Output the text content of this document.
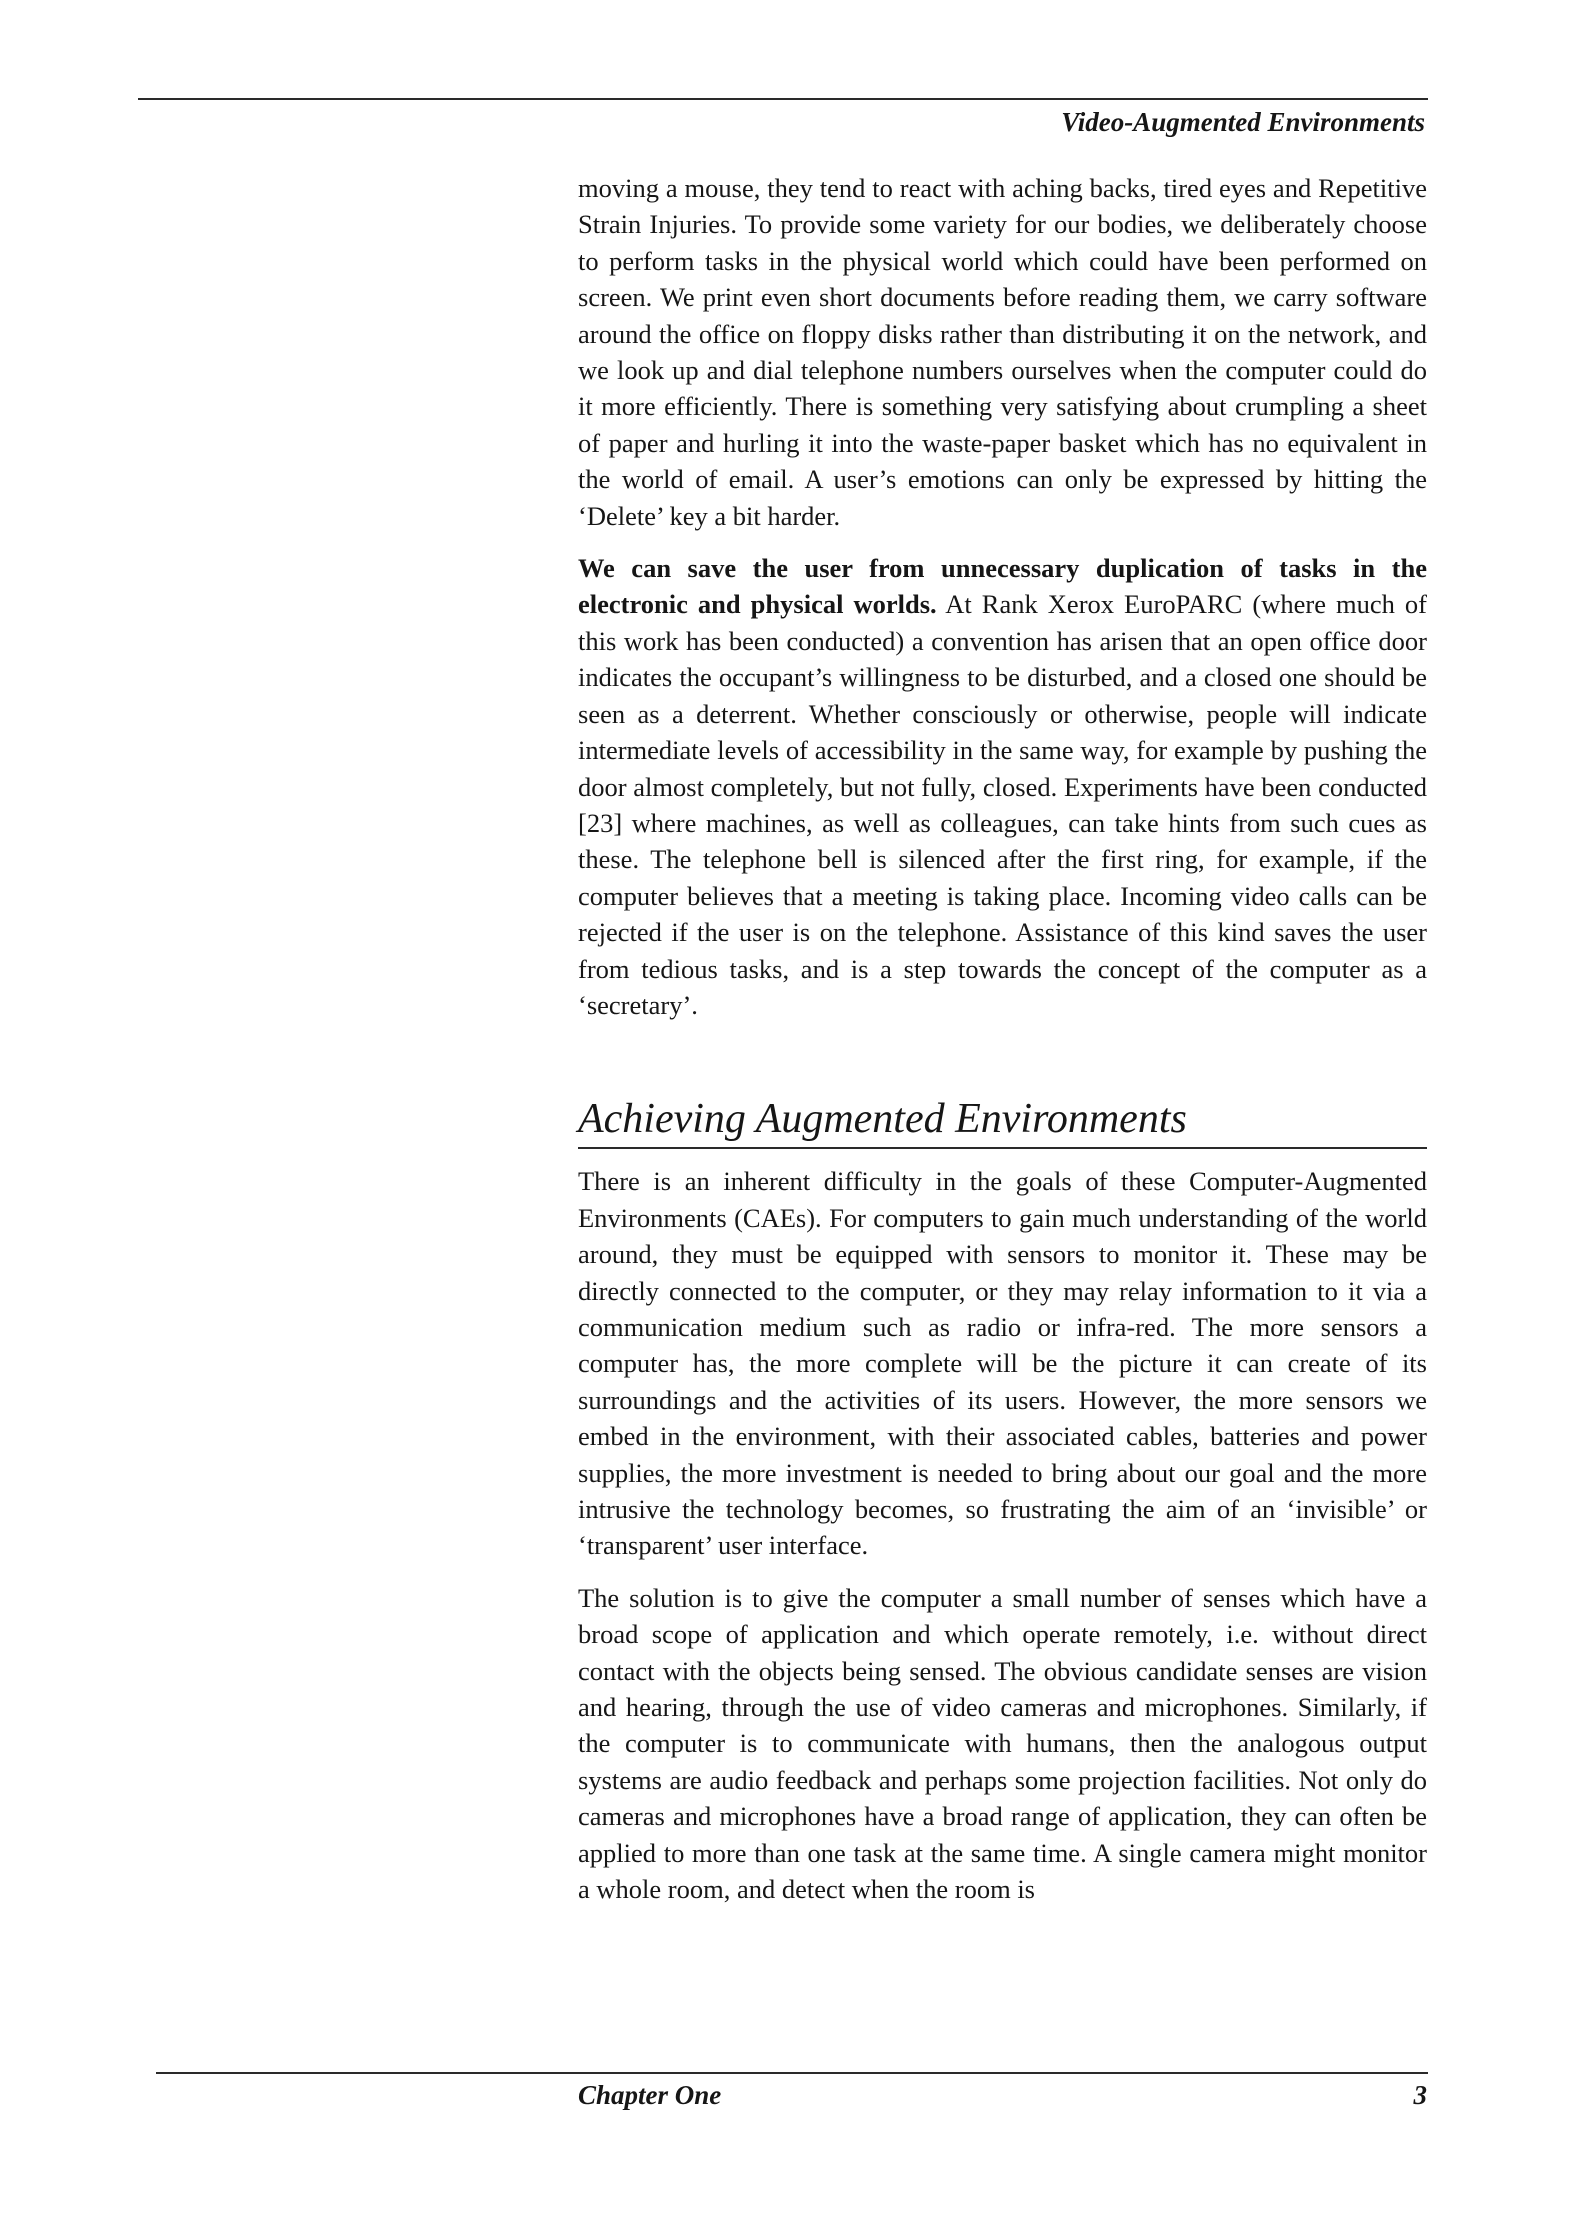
Video-Augmented Environments

moving a mouse, they tend to react with aching backs, tired eyes and Repetitive Strain Injuries. To provide some variety for our bodies, we deliberately choose to perform tasks in the physical world which could have been performed on screen. We print even short documents before reading them, we carry software around the office on floppy disks rather than distributing it on the network, and we look up and dial telephone numbers ourselves when the computer could do it more efficiently. There is something very satisfying about crumpling a sheet of paper and hurling it into the waste-paper basket which has no equivalent in the world of email. A user’s emotions can only be expressed by hitting the ‘Delete’ key a bit harder.

We can save the user from unnecessary duplication of tasks in the electronic and physical worlds. At Rank Xerox EuroPARC (where much of this work has been conducted) a convention has arisen that an open office door indicates the occupant’s willingness to be disturbed, and a closed one should be seen as a deterrent. Whether consciously or otherwise, people will indicate intermediate levels of accessibility in the same way, for example by pushing the door almost completely, but not fully, closed. Experiments have been conducted [23] where machines, as well as colleagues, can take hints from such cues as these. The telephone bell is silenced after the first ring, for example, if the computer believes that a meeting is taking place. Incoming video calls can be rejected if the user is on the telephone. Assistance of this kind saves the user from tedious tasks, and is a step towards the concept of the computer as a ‘secretary’.

Achieving Augmented Environments

There is an inherent difficulty in the goals of these Computer-Augmented Environments (CAEs). For computers to gain much understanding of the world around, they must be equipped with sensors to monitor it. These may be directly connected to the computer, or they may relay information to it via a communication medium such as radio or infra-red. The more sensors a computer has, the more complete will be the picture it can create of its surroundings and the activities of its users. However, the more sensors we embed in the environment, with their associated cables, batteries and power supplies, the more investment is needed to bring about our goal and the more intrusive the technology becomes, so frustrating the aim of an ‘invisible’ or ‘transparent’ user interface.

The solution is to give the computer a small number of senses which have a broad scope of application and which operate remotely, i.e. without direct contact with the objects being sensed. The obvious candidate senses are vision and hearing, through the use of video cameras and microphones. Similarly, if the computer is to communicate with humans, then the analogous output systems are audio feedback and perhaps some projection facilities. Not only do cameras and microphones have a broad range of application, they can often be applied to more than one task at the same time. A single camera might monitor a whole room, and detect when the room is

Chapter One	3
